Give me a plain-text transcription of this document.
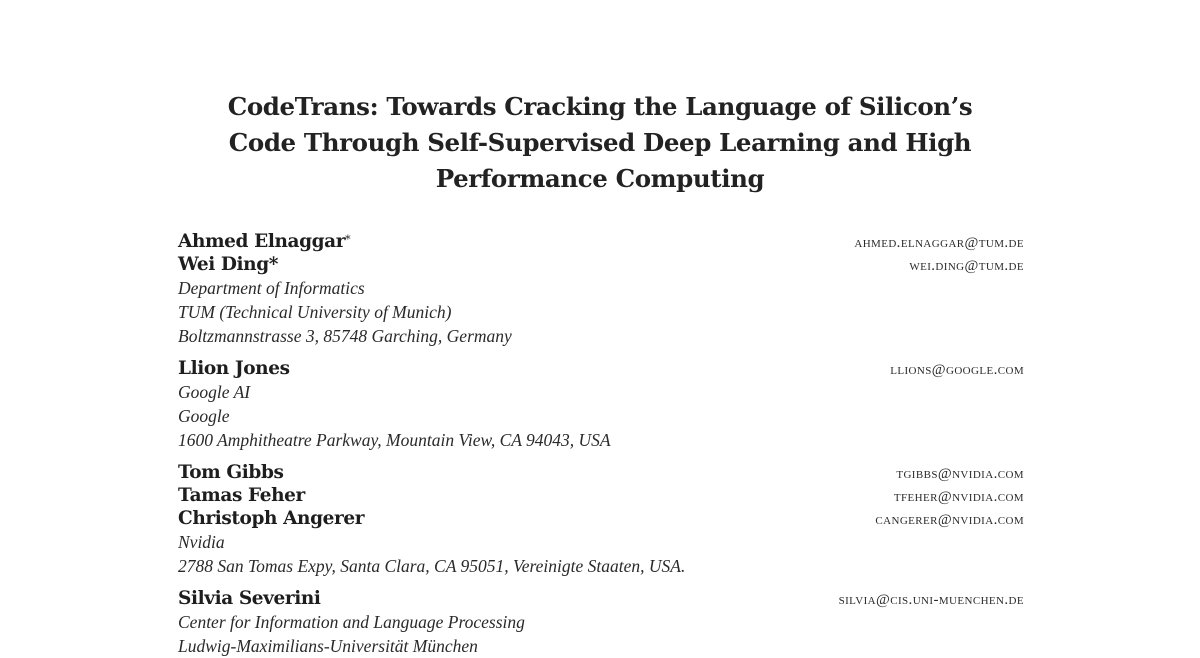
CodeTrans: Towards Cracking the Language of Silicon’s
Code Through Self-Supervised Deep Learning and High
Performance Computing
Ahmed Elnaggar*	ahmed.elnaggar@tum.de
Wei Ding*	wei.ding@tum.de
Department of Informatics
TUM (Technical University of Munich)
Boltzmannstrasse 3, 85748 Garching, Germany
Llion Jones	llions@google.com
Google AI
Google
1600 Amphitheatre Parkway, Mountain View, CA 94043, USA
Tom Gibbs	tgibbs@nvidia.com
Tamas Feher	tfeher@nvidia.com
Christoph Angerer	cangerer@nvidia.com
Nvidia
2788 San Tomas Expy, Santa Clara, CA 95051, Vereinigte Staaten, USA.
Silvia Severini	silvia@cis.uni-muenchen.de
Center for Information and Language Processing
Ludwig-Maximilians-Universität München
